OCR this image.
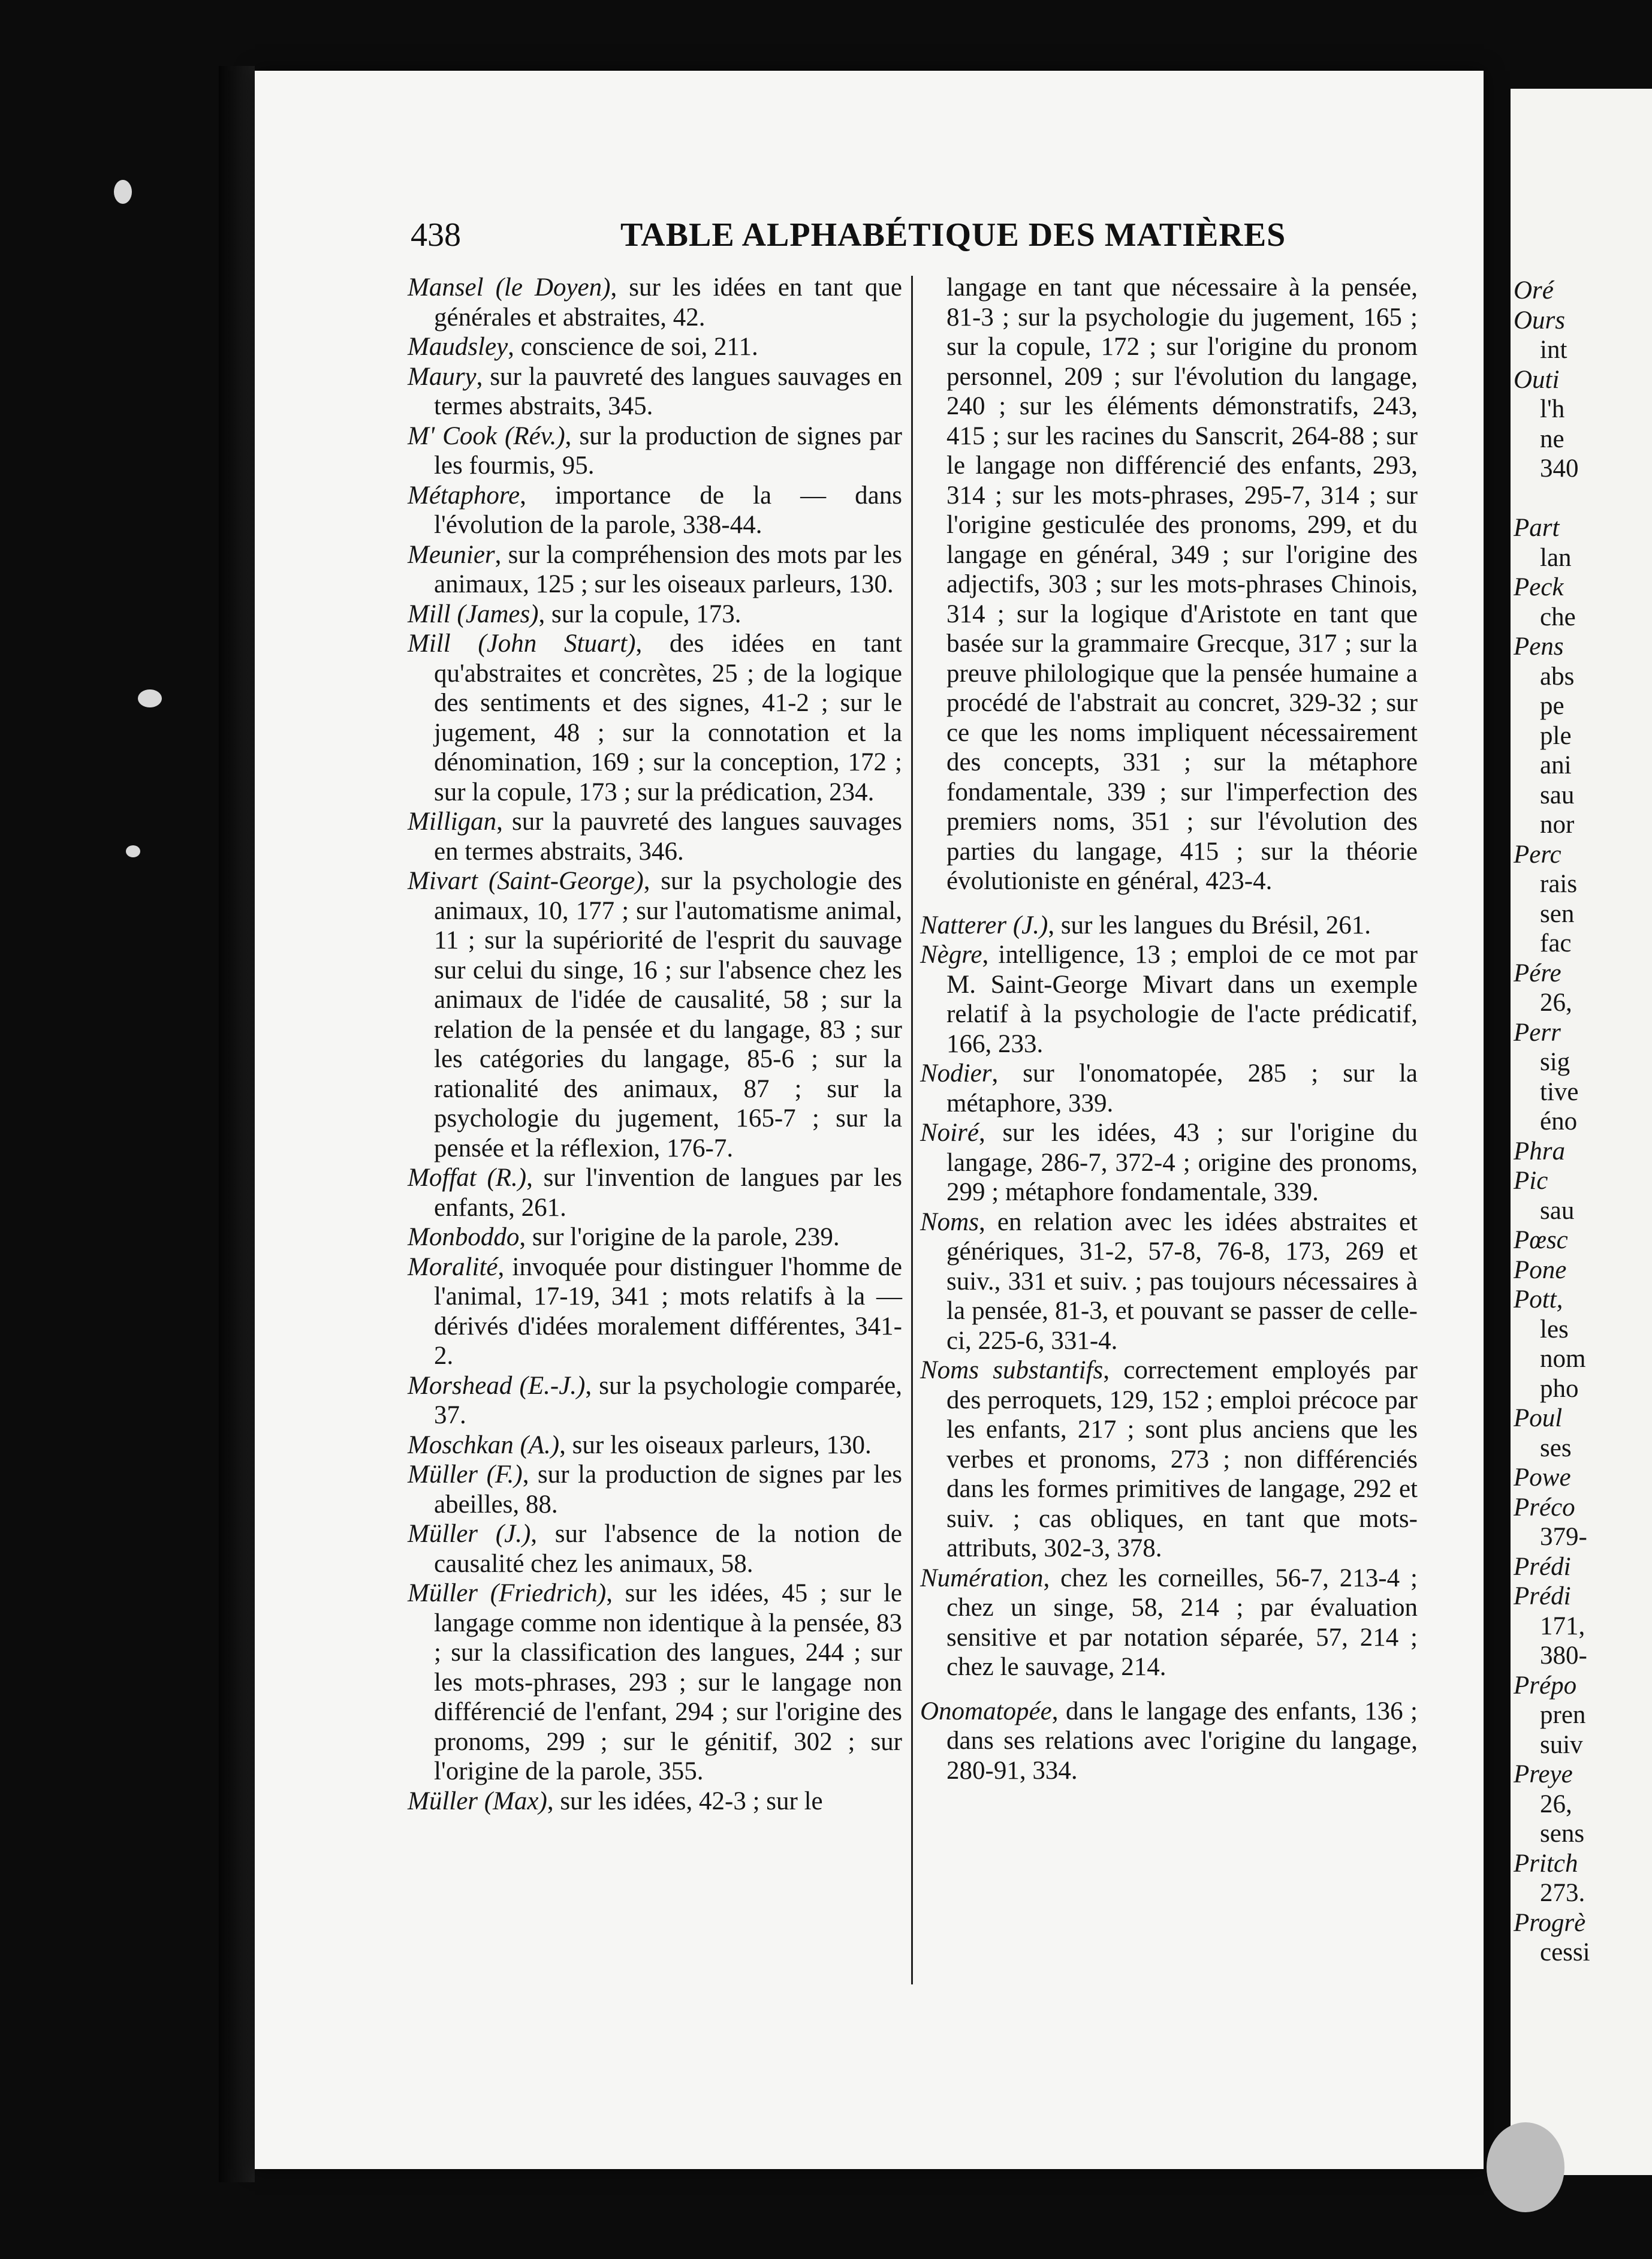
438	TABLE ALPHABÉTIQUE DES MATIÈRES

Mansel (le Doyen), sur les idées en tant que générales et abstraites, 42.

Maudsley, conscience de soi, 211.

Maury, sur la pauvreté des langues sauvages en termes abstraits, 345.

M' Cook (Rév.), sur la production de signes par les fourmis, 95.

Métaphore, importance de la — dans l'évolution de la parole, 338-44.

Meunier, sur la compréhension des mots par les animaux, 125 ; sur les oiseaux parleurs, 130.

Mill (James), sur la copule, 173.

Mill (John Stuart), des idées en tant qu'abstraites et concrètes, 25 ; de la logique des sentiments et des signes, 41-2 ; sur le jugement, 48 ; sur la connotation et la dénomination, 169 ; sur la conception, 172 ; sur la copule, 173 ; sur la prédication, 234.

Milligan, sur la pauvreté des langues sauvages en termes abstraits, 346.

Mivart (Saint-George), sur la psychologie des animaux, 10, 177 ; sur l'automatisme animal, 11 ; sur la supériorité de l'esprit du sauvage sur celui du singe, 16 ; sur l'absence chez les animaux de l'idée de causalité, 58 ; sur la relation de la pensée et du langage, 83 ; sur les catégories du langage, 85-6 ; sur la rationalité des animaux, 87 ; sur la psychologie du jugement, 165-7 ; sur la pensée et la réflexion, 176-7.

Moffat (R.), sur l'invention de langues par les enfants, 261.

Monboddo, sur l'origine de la parole, 239.

Moralité, invoquée pour distinguer l'homme de l'animal, 17-19, 341 ; mots relatifs à la — dérivés d'idées moralement différentes, 341-2.

Morshead (E.-J.), sur la psychologie comparée, 37.

Moschkan (A.), sur les oiseaux parleurs, 130.

Müller (F.), sur la production de signes par les abeilles, 88.

Müller (J.), sur l'absence de la notion de causalité chez les animaux, 58.

Müller (Friedrich), sur les idées, 45 ; sur le langage comme non identique à la pensée, 83 ; sur la classification des langues, 244 ; sur les mots-phrases, 293 ; sur le langage non différencié de l'enfant, 294 ; sur l'origine des pronoms, 299 ; sur le génitif, 302 ; sur l'origine de la parole, 355.

Müller (Max), sur les idées, 42-3 ; sur le

langage en tant que nécessaire à la pensée, 81-3 ; sur la psychologie du jugement, 165 ; sur la copule, 172 ; sur l'origine du pronom personnel, 209 ; sur l'évolution du langage, 240 ; sur les éléments démonstratifs, 243, 415 ; sur les racines du Sanscrit, 264-88 ; sur le langage non différencié des enfants, 293, 314 ; sur les mots-phrases, 295-7, 314 ; sur l'origine gesticulée des pronoms, 299, et du langage en général, 349 ; sur l'origine des adjectifs, 303 ; sur les mots-phrases Chinois, 314 ; sur la logique d'Aristote en tant que basée sur la grammaire Grecque, 317 ; sur la preuve philologique que la pensée humaine a procédé de l'abstrait au concret, 329-32 ; sur ce que les noms impliquent nécessairement des concepts, 331 ; sur la métaphore fondamentale, 339 ; sur l'imperfection des premiers noms, 351 ; sur l'évolution des parties du langage, 415 ; sur la théorie évolutioniste en général, 423-4.

Natterer (J.), sur les langues du Brésil, 261.

Nègre, intelligence, 13 ; emploi de ce mot par M. Saint-George Mivart dans un exemple relatif à la psychologie de l'acte prédicatif, 166, 233.

Nodier, sur l'onomatopée, 285 ; sur la métaphore, 339.

Noiré, sur les idées, 43 ; sur l'origine du langage, 286-7, 372-4 ; origine des pronoms, 299 ; métaphore fondamentale, 339.

Noms, en relation avec les idées abstraites et génériques, 31-2, 57-8, 76-8, 173, 269 et suiv., 331 et suiv. ; pas toujours nécessaires à la pensée, 81-3, et pouvant se passer de celle-ci, 225-6, 331-4.

Noms substantifs, correctement employés par des perroquets, 129, 152 ; emploi précoce par les enfants, 217 ; sont plus anciens que les verbes et pronoms, 273 ; non différenciés dans les formes primitives de langage, 292 et suiv. ; cas obliques, en tant que mots-attributs, 302-3, 378.

Numération, chez les corneilles, 56-7, 213-4 ; chez un singe, 58, 214 ; par évaluation sensitive et par notation séparée, 57, 214 ; chez le sauvage, 214.

Onomatopée, dans le langage des enfants, 136 ; dans ses relations avec l'origine du langage, 280-91, 334.

Oré
Ours
int
Outi
l'h
ne
340
Part
lan
Peck
che
Pens
abs
pe
ple
ani
sau
nor
Perc
rais
sen
fac
Pére
26,
Perr
sig
tive
éno
Phra
Pic
sau
Pœsc
Pone
Pott,
les
nom
pho
Poul
ses
Powe
Préco
379-
Prédi
Prédi
171,
380-
Prépo
pren
suiv
Preye
26,
sens
Pritch
273.
Progrè
cessi
